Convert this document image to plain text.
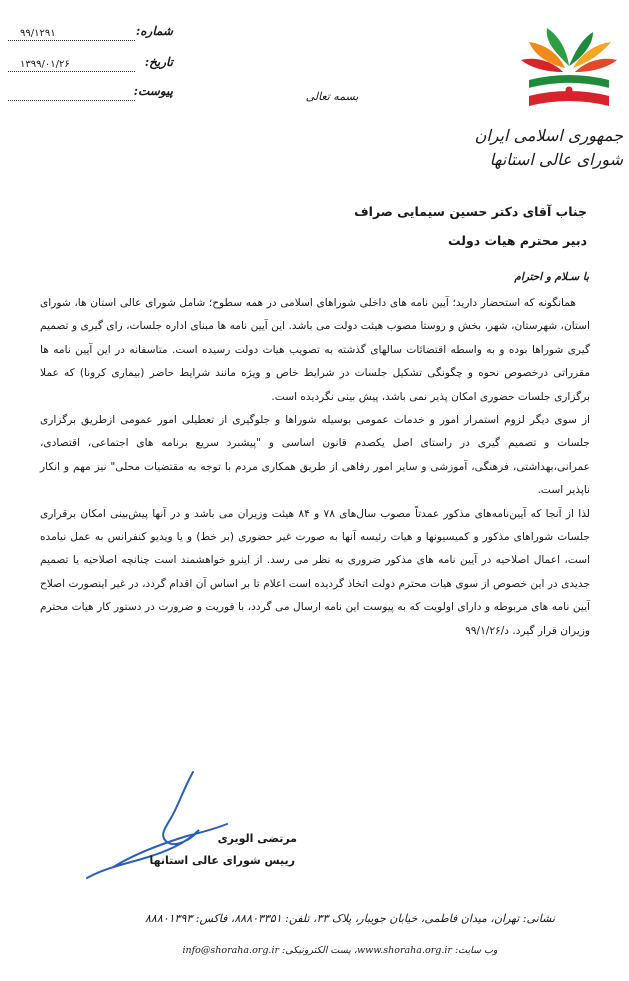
شماره:
۹۹/۱۲۹۱
تاریخ:
۱۳۹۹/۰۱/۲۶
پیوست:	بسمه تعالی
جمهوری اسلامی ایران
شورای عالی استانها
جناب آقای دکتر حسین سیمایی صراف
دبیر محترم هیات دولت
با سـلام و احترام

همانگونه که استحضار دارید؛ آیین نامه های داخلی شوراهای اسلامی در همه سطوح؛ شامل شورای عالی استان ها، شورای استان، شهرستان، شهر، بخش و روستا مصوب هیئت دولت می باشد. این آیین نامه ها مبنای اداره جلسات، رای گیری و تصمیم گیری شوراها بوده و به واسطه اقتضائات سالهای گذشته به تصویب هیات دولت رسیده است. متاسفانه در این آیین نامه ها مقرراتی درخصوص نحوه و چگونگی تشکیل جلسات در شرایط خاص و ویژه مانند شرایط حاضر (بیماری کرونا) که عملا برگزاری جلسات حضوری امکان پذیر نمی باشد، پیش بینی نگردیده است.

از سوی دیگر لزوم استمرار امور و خدمات عمومی بوسیله شوراها و جلوگیری از تعطیلی امور عمومی ازطریق برگزاری جلسات و تصمیم گیری در راستای اصل یکصدم قانون اساسی و "پیشبرد سریع برنامه های اجتماعی، اقتصادی، عمرانی،بهداشتی، فرهنگی، آموزشی و سایر امور رفاهی از طریق همکاری مردم با توجه به مقتضیات محلی" نیز مهم و انکار ناپذیر است.

لذا از آنجا که آیین‌نامه‌های مذکور عمدتاً مصوب سال‌های ۷۸ و ۸۴ هیئت وزیران می باشد و در آنها پیش‌بینی امکان برقراری جلسات شوراهای مذکور و کمیسیونها و هیات رئیسه آنها به صورت غیر حضوری (بر خط) و یا ویدیو کنفرانس به عمل نیامده است، اعمال اصلاحیه در آیین نامه های مذکور ضروری به نظر می رسد. از اینرو خواهشمند است چنانچه اصلاحیه یا تصمیم جدیدی در این خصوص از سوی هیات محترم دولت اتخاذ گردیده است اعلام تا بر اساس آن اقدام گردد، در غیر اینصورت اصلاح آیین نامه های مربوطه و دارای اولویت که به پیوست این نامه ارسال می گردد، با فوریت و ضرورت در دستور کار هیات محترم وزیران قرار گیرد. د/۹۹/۱/۲۶

مرتضی الویری
رییس شورای عالی استانها
نشانی: تهران، میدان فاطمی، خیابان جویبار، پلاک ۳۳، تلفن: ۸۸۸۰۳۳۵۱، فاکس: ۸۸۸۰۱۳۹۳
وب سایت: www.shoraha.org.ir، پست الکترونیکی: info@shoraha.org.ir
